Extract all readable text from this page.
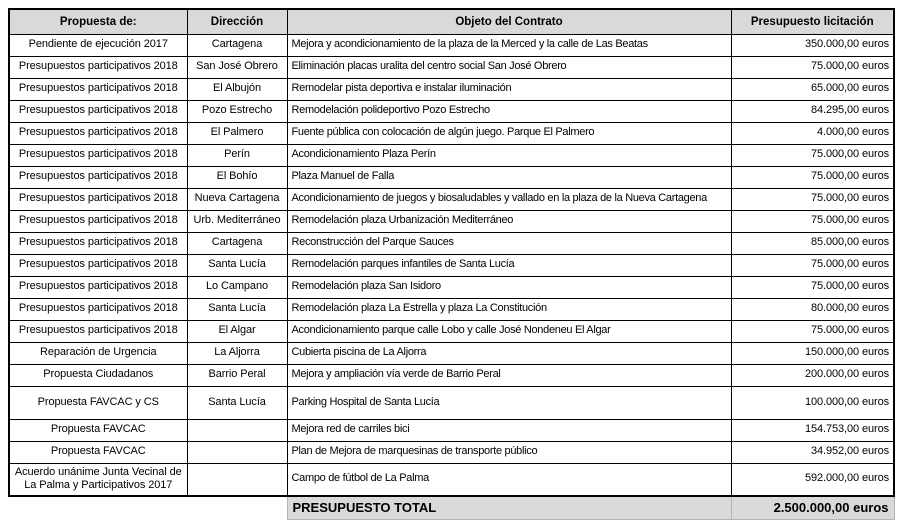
Propuesta de:	Dirección	Objeto del Contrato	Presupuesto licitación
Pendiente de ejecución 2017	Cartagena	Mejora y acondicionamiento de la plaza de la Merced y la calle de Las Beatas	350.000,00 euros
Presupuestos participativos 2018	San José Obrero	Eliminación placas uralita del centro social San José Obrero	75.000,00 euros
Presupuestos participativos 2018	El Albujón	Remodelar pista deportiva e instalar iluminación	65.000,00 euros
Presupuestos participativos 2018	Pozo Estrecho	Remodelación polideportivo Pozo Estrecho	84.295,00 euros
Presupuestos participativos 2018	El Palmero	Fuente pública con colocación de algún juego. Parque El Palmero	4.000,00 euros
Presupuestos participativos 2018	Perín	Acondicionamiento Plaza Perín	75.000,00 euros
Presupuestos participativos 2018	El Bohío	Plaza Manuel de Falla	75.000,00 euros
Presupuestos participativos 2018	Nueva Cartagena	Acondicionamiento de juegos y biosaludables y vallado en la plaza de la Nueva Cartagena	75.000,00 euros
Presupuestos participativos 2018	Urb. Mediterráneo	Remodelación plaza Urbanización Mediterráneo	75.000,00 euros
Presupuestos participativos 2018	Cartagena	Reconstrucción del Parque Sauces	85.000,00 euros
Presupuestos participativos 2018	Santa Lucía	Remodelación parques infantiles de Santa Lucía	75.000,00 euros
Presupuestos participativos 2018	Lo Campano	Remodelación plaza San Isidoro	75.000,00 euros
Presupuestos participativos 2018	Santa Lucía	Remodelación plaza La Estrella y plaza La Constitución	80.000,00 euros
Presupuestos participativos 2018	El Algar	Acondicionamiento parque calle Lobo y calle José Nondeneu El Algar	75.000,00 euros
Reparación de Urgencia	La Aljorra	Cubierta piscina de La Aljorra	150.000,00 euros
Propuesta Ciudadanos	Barrio Peral	Mejora y ampliación vía verde de Barrio Peral	200.000,00 euros
Propuesta FAVCAC y CS	Santa Lucía	Parking Hospital de Santa Lucía	100.000,00 euros
Propuesta FAVCAC		Mejora red de carriles bici	154.753,00 euros
Propuesta FAVCAC		Plan de Mejora de marquesinas de transporte público	34.952,00 euros
Acuerdo unánime Junta Vecinal de La Palma y Participativos 2017		Campo de fútbol de La Palma	592.000,00 euros
		PRESUPUESTO TOTAL	2.500.000,00 euros
